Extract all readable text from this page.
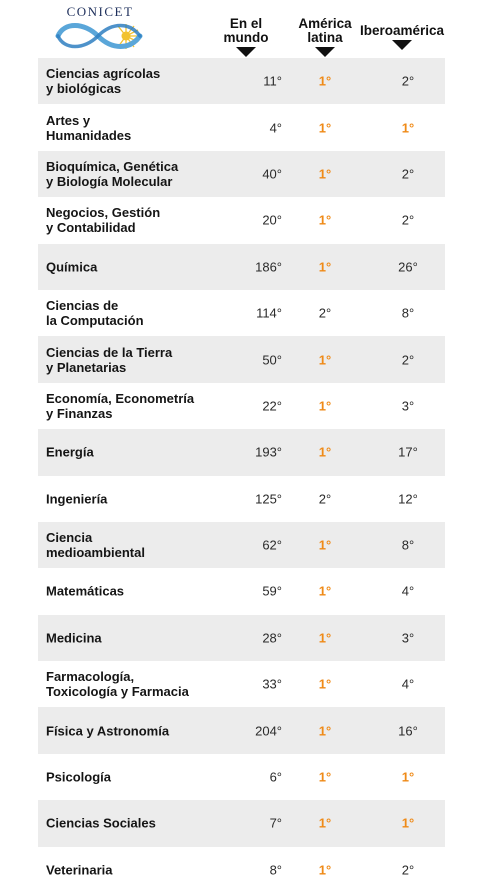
CONICET
En el
mundo
América
latina	Iberoamérica
Ciencias agrícolas
y biológicas	11°	1°	2°
Artes y
Humanidades	4°	1°	1°
Bioquímica, Genética
y Biología Molecular	40°	1°	2°
Negocios, Gestión
y Contabilidad	20°	1°	2°
Química	186°	1°	26°
Ciencias de
la Computación	114°	2°	8°
Ciencias de la Tierra
y Planetarias	50°	1°	2°
Economía, Econometría
y Finanzas	22°	1°	3°
Energía	193°	1°	17°
Ingeniería	125°	2°	12°
Ciencia
medioambiental	62°	1°	8°
Matemáticas	59°	1°	4°
Medicina	28°	1°	3°
Farmacología,
Toxicología y Farmacia	33°	1°	4°
Física y Astronomía	204°	1°	16°
Psicología	6°	1°	1°
Ciencias Sociales	7°	1°	1°
Veterinaria	8°	1°	2°
